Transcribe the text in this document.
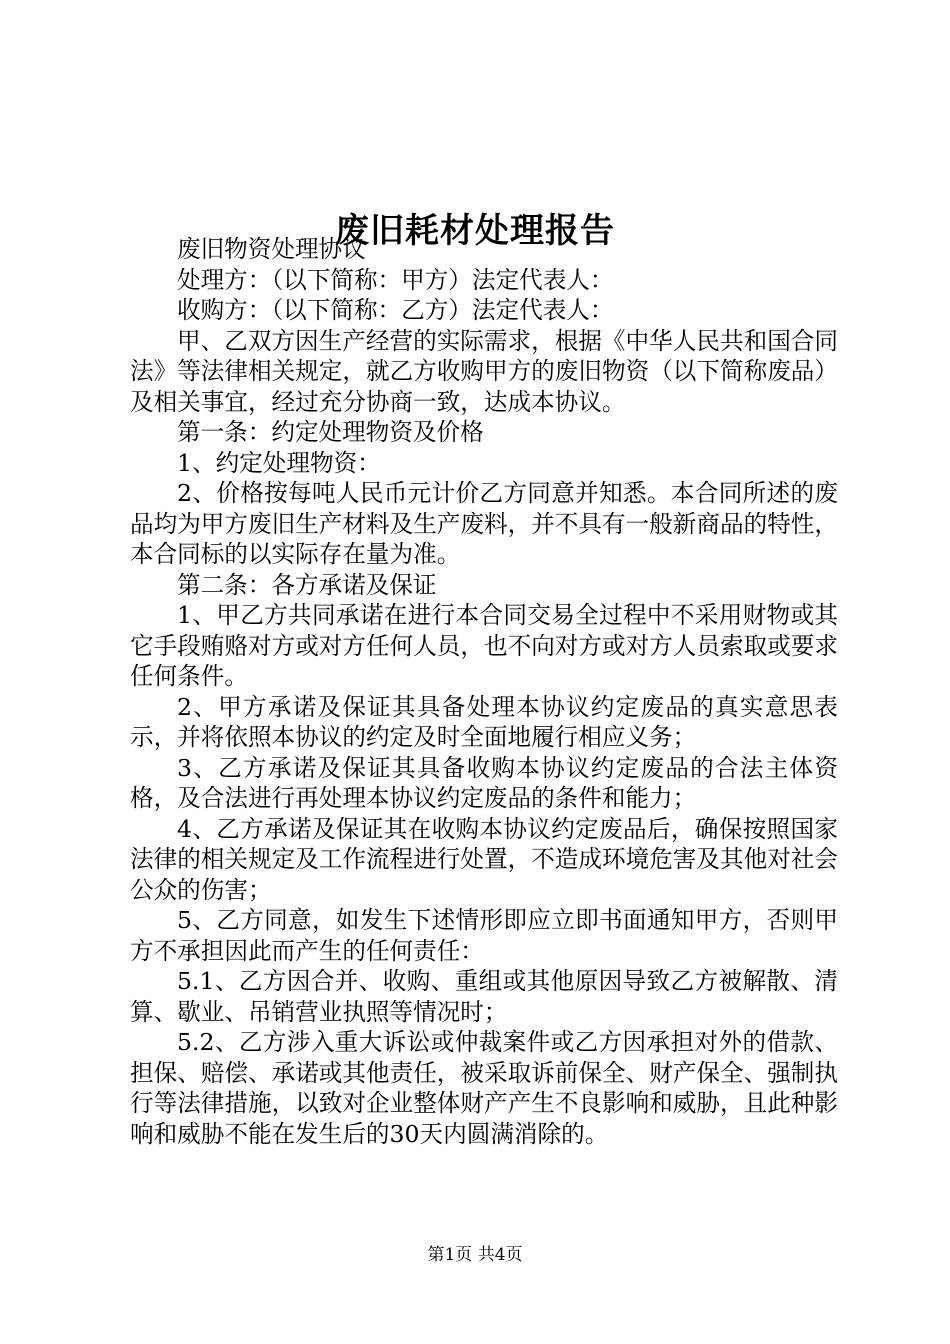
废旧耗材处理报告

废旧物资处理协议

处理方：（以下简称：甲方）法定代表人：

收购方：（以下简称：乙方）法定代表人：

甲、乙双方因生产经营的实际需求，根据《中华人民共和国合同法》等法律相关规定，就乙方收购甲方的废旧物资（以下简称废品）及相关事宜，经过充分协商一致，达成本协议。

第一条：约定处理物资及价格

1、约定处理物资：

2、价格按每吨人民币元计价乙方同意并知悉。本合同所述的废品均为甲方废旧生产材料及生产废料，并不具有一般新商品的特性，本合同标的以实际存在量为准。

第二条：各方承诺及保证

1、甲乙方共同承诺在进行本合同交易全过程中不采用财物或其它手段贿赂对方或对方任何人员，也不向对方或对方人员索取或要求任何条件。

2、甲方承诺及保证其具备处理本协议约定废品的真实意思表示，并将依照本协议的约定及时全面地履行相应义务；

3、乙方承诺及保证其具备收购本协议约定废品的合法主体资格，及合法进行再处理本协议约定废品的条件和能力；

4、乙方承诺及保证其在收购本协议约定废品后，确保按照国家法律的相关规定及工作流程进行处置，不造成环境危害及其他对社会公众的伤害；

5、乙方同意，如发生下述情形即应立即书面通知甲方，否则甲方不承担因此而产生的任何责任：

5.1、乙方因合并、收购、重组或其他原因导致乙方被解散、清算、歇业、吊销营业执照等情况时；

5.2、乙方涉入重大诉讼或仲裁案件或乙方因承担对外的借款、担保、赔偿、承诺或其他责任，被采取诉前保全、财产保全、强制执行等法律措施，以致对企业整体财产产生不良影响和威胁，且此种影响和威胁不能在发生后的30天内圆满消除的。

第1页 共4页
